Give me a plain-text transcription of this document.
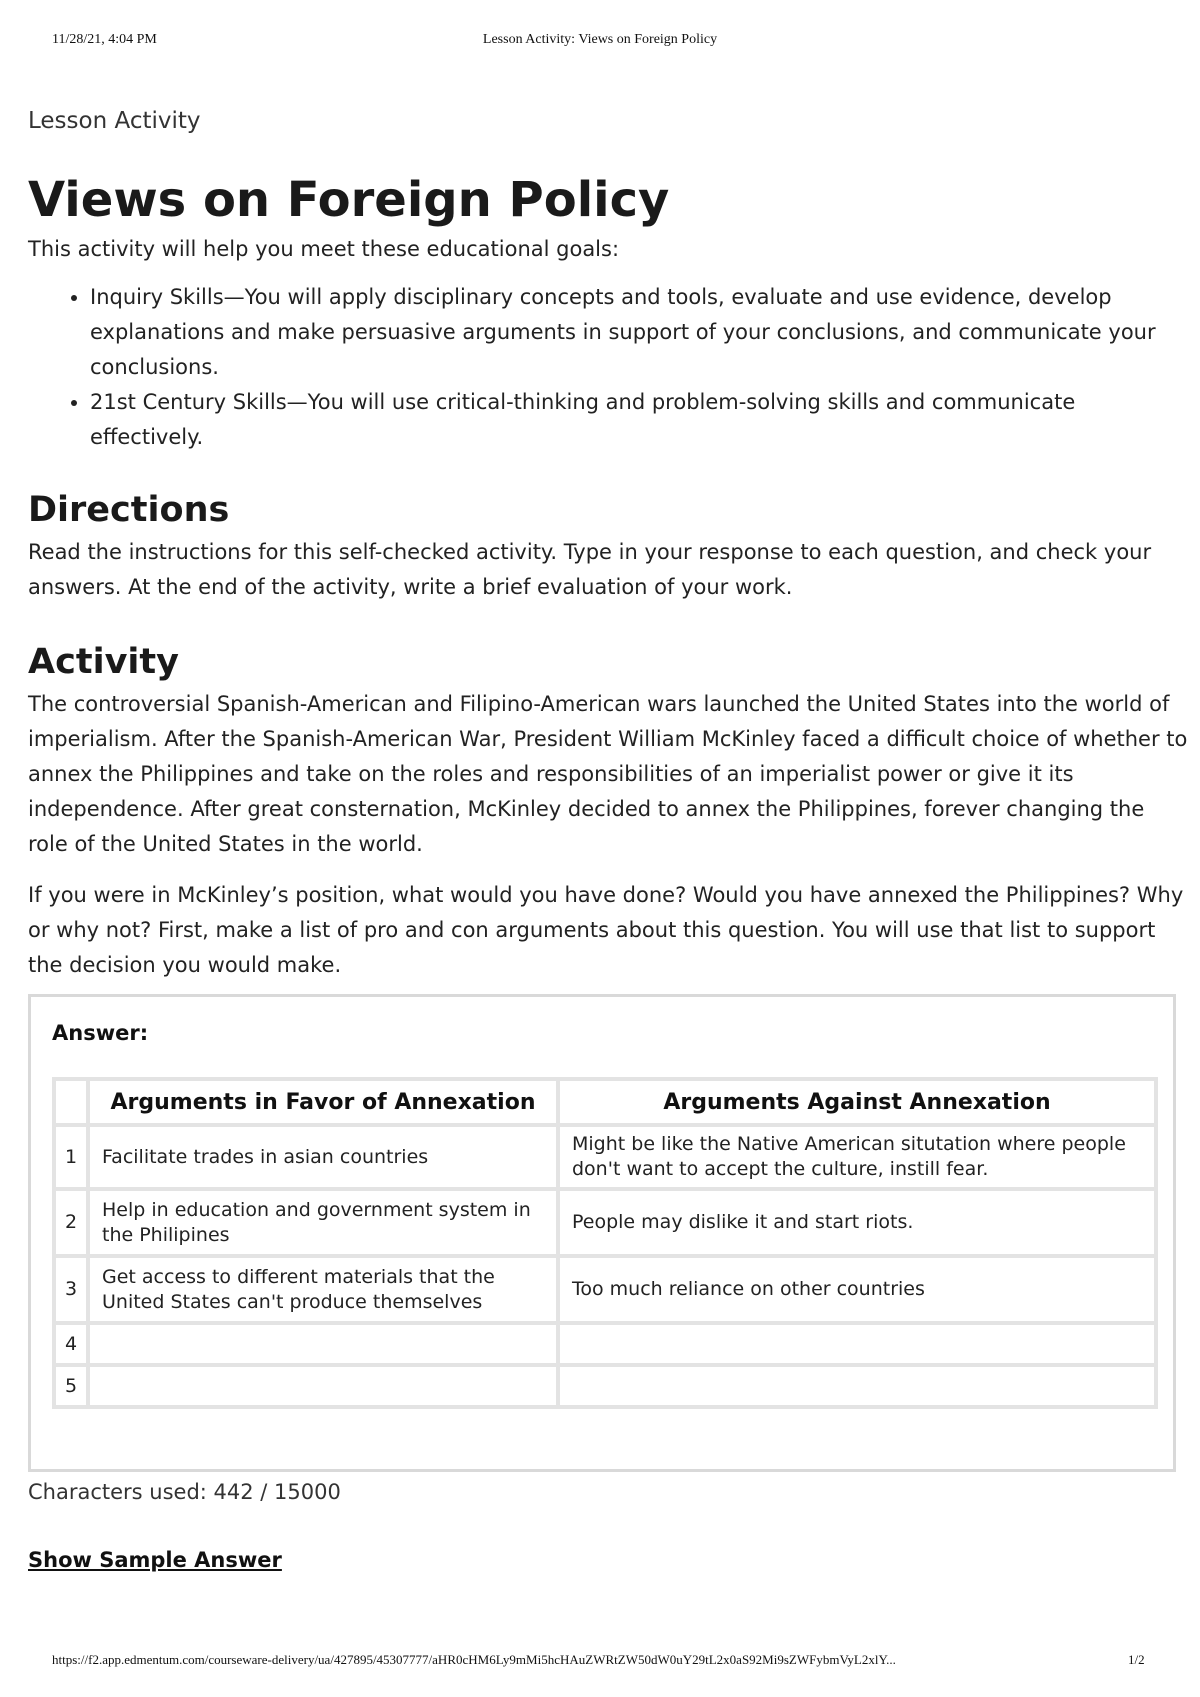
11/28/21, 4:04 PM	Lesson Activity: Views on Foreign Policy

Lesson Activity

Views on Foreign Policy

This activity will help you meet these educational goals:

• Inquiry Skills—You will apply disciplinary concepts and tools, evaluate and use evidence, develop explanations and make persuasive arguments in support of your conclusions, and communicate your conclusions.
• 21st Century Skills—You will use critical-thinking and problem-solving skills and communicate effectively.
Directions

Read the instructions for this self-checked activity. Type in your response to each question, and check your answers. At the end of the activity, write a brief evaluation of your work.

Activity

The controversial Spanish-American and Filipino-American wars launched the United States into the world of imperialism. After the Spanish-American War, President William McKinley faced a difficult choice of whether to annex the Philippines and take on the roles and responsibilities of an imperialist power or give it its independence. After great consternation, McKinley decided to annex the Philippines, forever changing the role of the United States in the world.

If you were in McKinley’s position, what would you have done? Would you have annexed the Philippines? Why or why not? First, make a list of pro and con arguments about this question. You will use that list to support the decision you would make.

Answer:
	Arguments in Favor of Annexation	Arguments Against Annexation
1	Facilitate trades in asian countries	Might be like the Native American situtation where people don't want to accept the culture, instill fear.
2	Help in education and government system in the Philipines	People may dislike it and start riots.
3	Get access to different materials that the United States can't produce themselves	Too much reliance on other countries
4		
5		
Characters used: 442 / 15000
Show Sample Answer
https://f2.app.edmentum.com/courseware-delivery/ua/427895/45307777/aHR0cHM6Ly9mMi5hcHAuZWRtZW50dW0uY29tL2x0aS92Mi9sZWFybmVyL2xlY...	1/2
